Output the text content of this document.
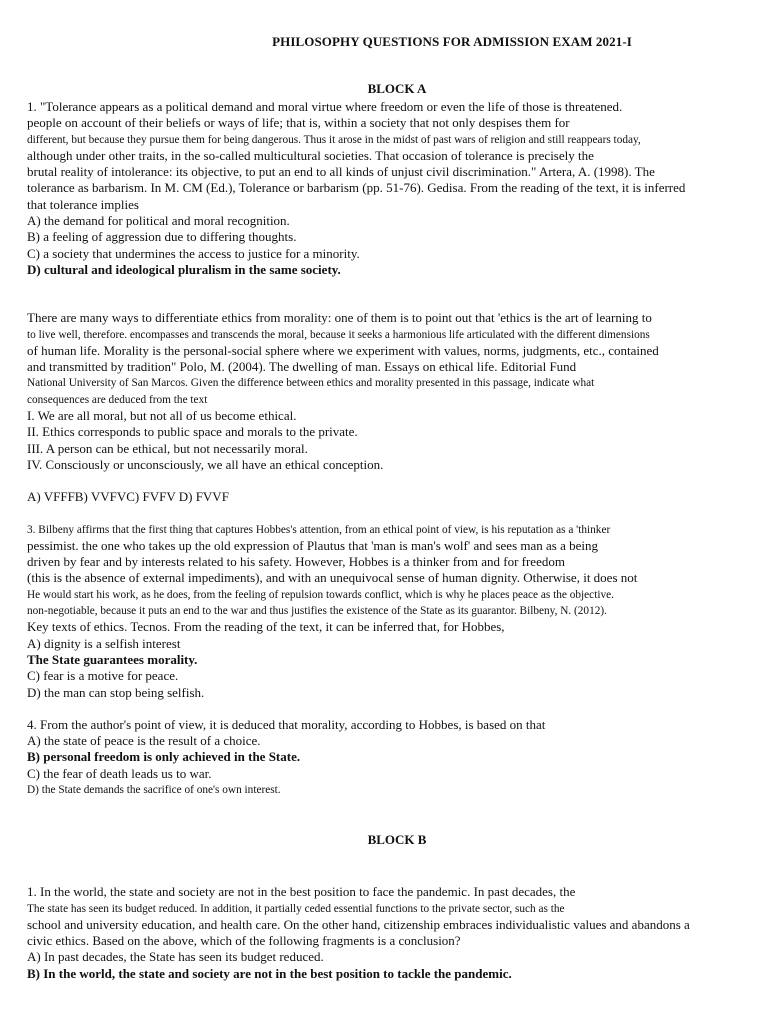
PHILOSOPHY QUESTIONS FOR ADMISSION EXAM 2021-I
BLOCK A
1. "Tolerance appears as a political demand and moral virtue where freedom or even the life of those is threatened.
people on account of their beliefs or ways of life; that is, within a society that not only despises them for
different, but because they pursue them for being dangerous. Thus it arose in the midst of past wars of religion and still reappears today,
although under other traits, in the so-called multicultural societies. That occasion of tolerance is precisely the
brutal reality of intolerance: its objective, to put an end to all kinds of unjust civil discrimination." Artera, A. (1998). The
tolerance as barbarism. In M. CM (Ed.), Tolerance or barbarism (pp. 51-76). Gedisa. From the reading of the text, it is inferred
that tolerance implies
A) the demand for political and moral recognition.
B) a feeling of aggression due to differing thoughts.
C) a society that undermines the access to justice for a minority.
D) cultural and ideological pluralism in the same society.
There are many ways to differentiate ethics from morality: one of them is to point out that 'ethics is the art of learning to
to live well, therefore. encompasses and transcends the moral, because it seeks a harmonious life articulated with the different dimensions
of human life. Morality is the personal-social sphere where we experiment with values, norms, judgments, etc., contained
and transmitted by tradition" Polo, M. (2004). The dwelling of man. Essays on ethical life. Editorial Fund
National University of San Marcos. Given the difference between ethics and morality presented in this passage, indicate what
consequences are deduced from the text
I. We are all moral, but not all of us become ethical.
II. Ethics corresponds to public space and morals to the private.
III. A person can be ethical, but not necessarily moral.
IV. Consciously or unconsciously, we all have an ethical conception.
A) VFFFB) VVFVC) FVFV D) FVVF
3. Bilbeny affirms that the first thing that captures Hobbes's attention, from an ethical point of view, is his reputation as a 'thinker
pessimist. the one who takes up the old expression of Plautus that 'man is man's wolf' and sees man as a being
driven by fear and by interests related to his safety. However, Hobbes is a thinker from and for freedom
(this is the absence of external impediments), and with an unequivocal sense of human dignity. Otherwise, it does not
He would start his work, as he does, from the feeling of repulsion towards conflict, which is why he places peace as the objective.
non-negotiable, because it puts an end to the war and thus justifies the existence of the State as its guarantor. Bilbeny, N. (2012).
Key texts of ethics. Tecnos. From the reading of the text, it can be inferred that, for Hobbes,
A) dignity is a selfish interest
The State guarantees morality.
C) fear is a motive for peace.
D) the man can stop being selfish.
4. From the author's point of view, it is deduced that morality, according to Hobbes, is based on that
A) the state of peace is the result of a choice.
B) personal freedom is only achieved in the State.
C) the fear of death leads us to war.
D) the State demands the sacrifice of one's own interest.
BLOCK B
1. In the world, the state and society are not in the best position to face the pandemic. In past decades, the
The state has seen its budget reduced. In addition, it partially ceded essential functions to the private sector, such as the
school and university education, and health care. On the other hand, citizenship embraces individualistic values and abandons a
civic ethics. Based on the above, which of the following fragments is a conclusion?
A) In past decades, the State has seen its budget reduced.
B) In the world, the state and society are not in the best position to tackle the pandemic.
